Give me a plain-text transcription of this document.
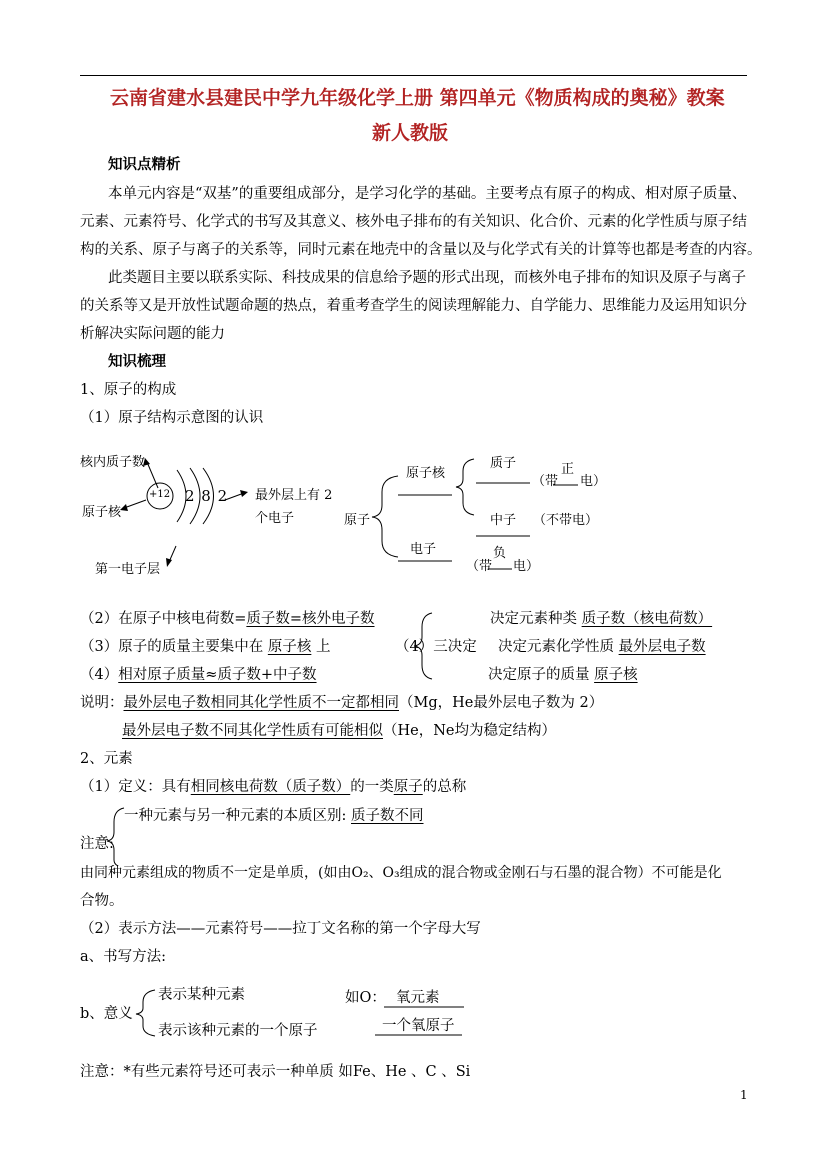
云南省建水县建民中学九年级化学上册 第四单元《物质构成的奥秘》教案
新人教版
知识点精析
本单元内容是“双基”的重要组成部分，是学习化学的基础。主要考点有原子的构成、相对原子质量、
元素、元素符号、化学式的书写及其意义、核外电子排布的有关知识、化合价、元素的化学性质与原子结
构的关系、原子与离子的关系等，同时元素在地壳中的含量以及与化学式有关的计算等也都是考查的内容。
此类题目主要以联系实际、科技成果的信息给予题的形式出现，而核外电子排布的知识及原子与离子
的关系等又是开放性试题命题的热点，着重考查学生的阅读理解能力、自学能力、思维能力及运用知识分
析解决实际问题的能力
知识梳理
1、原子的构成
（1）原子结构示意图的认识
核内质子数
+12 2 8 2 最外层上有 2
个电子
原子核
第一电子层
原子
原子核
质子	正
（带 电）
中子 （不带电）
电子	负
（带 电）
（2）在原子中核电荷数=质子数=核外电子数	决定元素种类 质子数（核电荷数）
（3）原子的质量主要集中在 原子核 上	（4）三决定 决定元素化学性质 最外层电子数
（4）相对原子质量≈质子数+中子数	决定原子的质量 原子核
说明：最外层电子数相同其化学性质不一定都相同（Mg，He最外层电子数为 2）
最外层电子数不同其化学性质有可能相似（He，Ne均为稳定结构）
2、元素
（1）定义：具有相同核电荷数（质子数）的一类原子的总称
一种元素与另一种元素的本质区别: 质子数不同
注意:
由同种元素组成的物质不一定是单质，(如由O₂、O₃组成的混合物或金刚石与石墨的混合物）不可能是化
合物。
（2）表示方法——元素符号——拉丁文名称的第一个字母大写
a、书写方法:
b、意义
表示某种元素
表示该种元素的一个原子
如O： 氧元素
一个氧原子
注意：*有些元素符号还可表示一种单质 如Fe、He 、C 、Si
1
